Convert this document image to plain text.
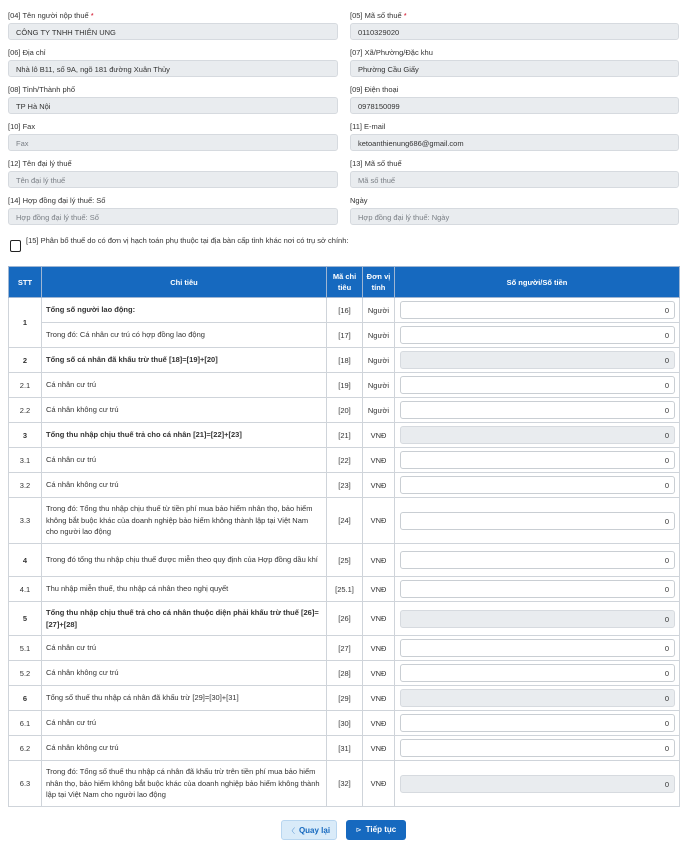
[04] Tên người nộp thuế *
CÔNG TY TNHH THIÊN UNG
[05] Mã số thuế *
0110329020
[06] Địa chỉ
Nhà lô B11, số 9A, ngõ 181 đường Xuân Thủy
[07] Xã/Phường/Đặc khu
Phường Cầu Giấy
[08] Tỉnh/Thành phố
TP Hà Nội
[09] Điện thoại
0978150099
[10] Fax
Fax
[11] E-mail
ketoanthienung686@gmail.com
[12] Tên đại lý thuế
Tên đại lý thuế
[13] Mã số thuế
Mã số thuế
[14] Hợp đồng đại lý thuế: Số
Hợp đồng đại lý thuế: Số
Ngày
Hợp đồng đại lý thuế: Ngày
[15] Phân bổ thuế do có đơn vị hạch toán phụ thuộc tại địa bàn cấp tỉnh khác nơi có trụ sở chính:
STT	Chỉ tiêu	Mã chỉ tiêu	Đơn vị tính	Số người/Số tiền
1	Tổng số người lao động:	[16]	Người	0

	Trong đó: Cá nhân cư trú có hợp đồng lao động	[17]	Người	0

2	Tổng số cá nhân đã khấu trừ thuế [18]=[19]+[20]	[18]	Người	0

2.1	Cá nhân cư trú	[19]	Người	0

2.2	Cá nhân không cư trú	[20]	Người	0

3	Tổng thu nhập chịu thuế trả cho cá nhân [21]=[22]+[23]	[21]	VNĐ	0

3.1	Cá nhân cư trú	[22]	VNĐ	0

3.2	Cá nhân không cư trú	[23]	VNĐ	0

3.3	Trong đó: Tổng thu nhập chịu thuế từ tiền phí mua bảo hiểm nhân thọ, bảo hiểm không bắt buộc khác của doanh nghiệp bảo hiểm không thành lập tại Việt Nam cho người lao động	[24]	VNĐ	0

4	Trong đó tổng thu nhập chịu thuế được miễn theo quy định của Hợp đồng dầu khí	[25]	VNĐ	0

4.1	Thu nhập miễn thuế, thu nhập cá nhân theo nghị quyết	[25.1]	VNĐ	0

5	Tổng thu nhập chịu thuế trả cho cá nhân thuộc diện phải khấu trừ thuế [26]=[27]+[28]	[26]	VNĐ	0

5.1	Cá nhân cư trú	[27]	VNĐ	0

5.2	Cá nhân không cư trú	[28]	VNĐ	0

6	Tổng số thuế thu nhập cá nhân đã khấu trừ [29]=[30]+[31]	[29]	VNĐ	0

6.1	Cá nhân cư trú	[30]	VNĐ	0

6.2	Cá nhân không cư trú	[31]	VNĐ	0

6.3	Trong đó: Tổng số thuế thu nhập cá nhân đã khấu trừ trên tiền phí mua bảo hiểm nhân thọ, bảo hiểm không bắt buộc khác của doanh nghiệp bảo hiểm không thành lập tại Việt Nam cho người lao động	[32]	VNĐ	0
〈 Quay lại	⊳ Tiếp tục
